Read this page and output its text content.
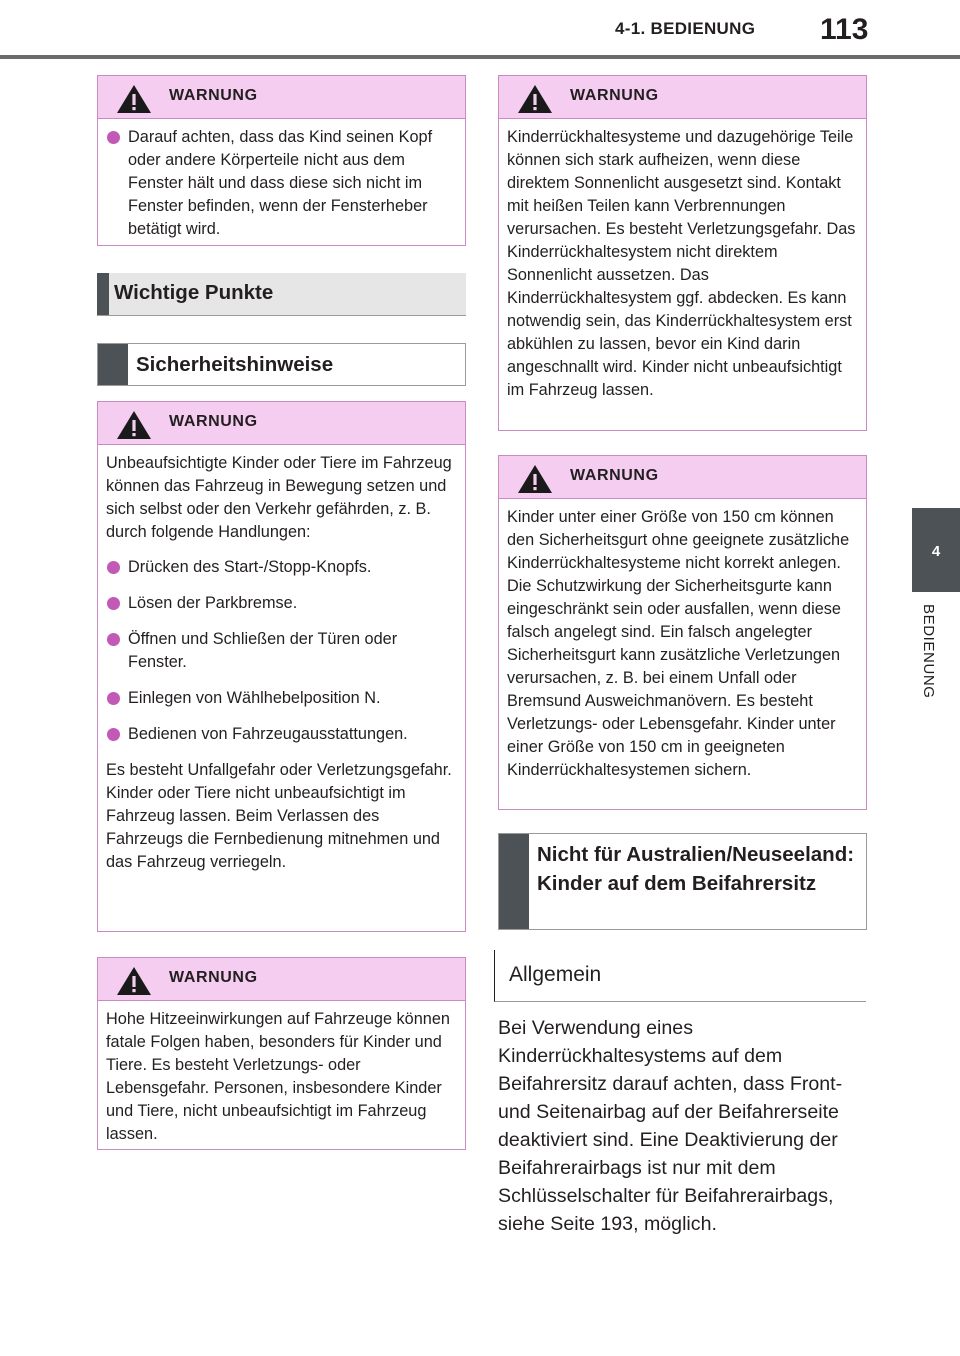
4-1. BEDIENUNG 113
4
BEDIENUNG
WARNUNG
Darauf achten, dass das Kind seinen Kopf oder andere Körperteile nicht aus dem Fenster hält und dass diese sich nicht im Fenster befinden, wenn der Fensterheber betätigt wird.
Wichtige Punkte
Sicherheitshinweise
WARNUNG

Unbeaufsichtigte Kinder oder Tiere im Fahrzeug können das Fahrzeug in Bewegung setzen und sich selbst oder den Verkehr gefährden, z. B. durch folgende Handlungen:

Drücken des Start-/Stopp-Knopfs.
Lösen der Parkbremse.
Öffnen und Schließen der Türen oder Fenster.
Einlegen von Wählhebelposition N.
Bedienen von Fahrzeugausstattungen.

Es besteht Unfallgefahr oder Verletzungsgefahr. Kinder oder Tiere nicht unbeaufsichtigt im Fahrzeug lassen. Beim Verlassen des Fahrzeugs die Fernbedienung mitnehmen und das Fahrzeug verriegeln.

WARNUNG

Hohe Hitzeeinwirkungen auf Fahrzeuge können fatale Folgen haben, besonders für Kinder und Tiere. Es besteht Verletzungs- oder Lebensgefahr. Personen, insbesondere Kinder und Tiere, nicht unbeaufsichtigt im Fahrzeug lassen.

WARNUNG

Kinderrückhaltesysteme und dazugehörige Teile können sich stark aufheizen, wenn diese direktem Sonnenlicht ausgesetzt sind. Kontakt mit heißen Teilen kann Verbrennungen verursachen. Es besteht Verletzungsgefahr. Das Kinderrückhaltesystem nicht direktem Sonnenlicht aussetzen. Das Kinderrückhaltesystem ggf. abdecken. Es kann notwendig sein, das Kinderrückhaltesystem erst abkühlen zu lassen, bevor ein Kind darin angeschnallt wird. Kinder nicht unbeaufsichtigt im Fahrzeug lassen.

WARNUNG

Kinder unter einer Größe von 150 cm können den Sicherheitsgurt ohne geeignete zusätzliche Kinderrückhaltesysteme nicht korrekt anlegen. Die Schutzwirkung der Sicherheitsgurte kann eingeschränkt sein oder ausfallen, wenn diese falsch angelegt sind. Ein falsch angelegter Sicherheitsgurt kann zusätzliche Verletzungen verursachen, z. B. bei einem Unfall oder Bremsund Ausweichmanövern. Es besteht Verletzungs- oder Lebensgefahr. Kinder unter einer Größe von 150 cm in geeigneten Kinderrückhaltesystemen sichern.

Nicht für Australien/Neuseeland: Kinder auf dem Beifahrersitz
Allgemein
Bei Verwendung eines Kinderrückhaltesystems auf dem Beifahrersitz darauf achten, dass Front- und Seitenairbag auf der Beifahrerseite deaktiviert sind. Eine Deaktivierung der Beifahrerairbags ist nur mit dem Schlüsselschalter für Beifahrerairbags, siehe Seite 193, möglich.
